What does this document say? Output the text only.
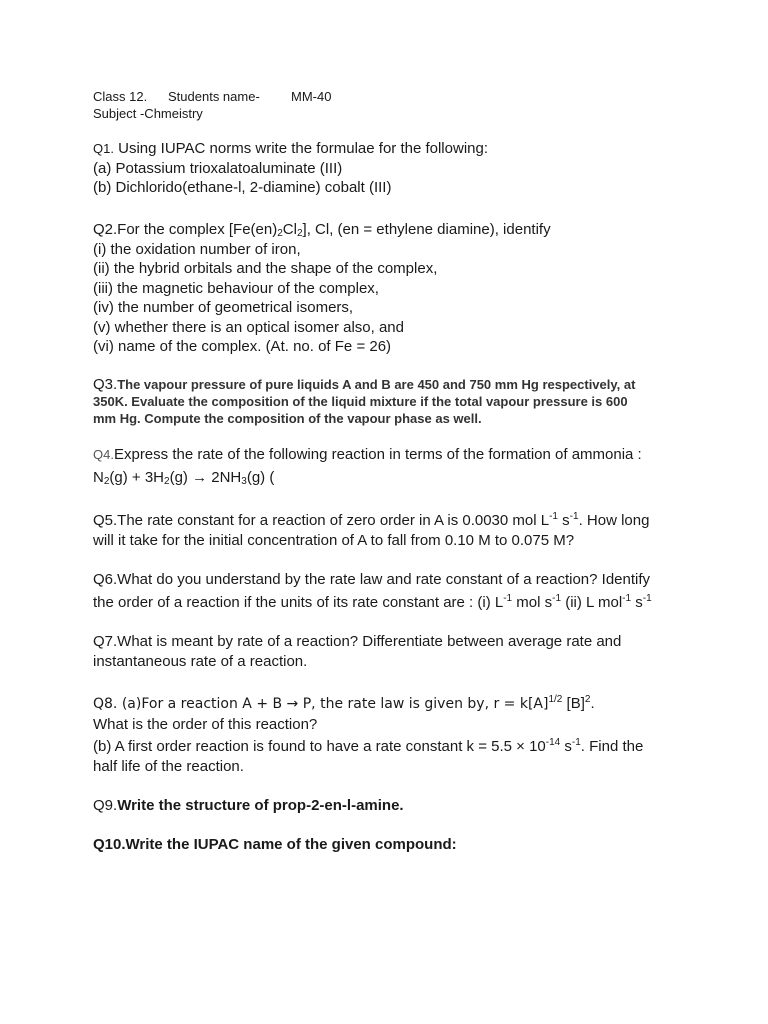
Class 12. Students name- MM-40
Subject -Chmeistry
Q1. Using IUPAC norms write the formulae for the following:
(a) Potassium trioxalatoaluminate (III)
(b) Dichlorido(ethane-l, 2-diamine) cobalt (III)
Q2.For the complex $[Fe(en)_2Cl_2]$, Cl, (en = ethylene diamine), identify
(i) the oxidation number of iron,
(ii) the hybrid orbitals and the shape of the complex,
(iii) the magnetic behaviour of the complex,
(iv) the number of geometrical isomers,
(v) whether there is an optical isomer also, and
(vi) name of the complex. (At. no. of Fe = 26)
Q3.The vapour pressure of pure liquids A and B are 450 and 750 mm Hg respectively, at
350K. Evaluate the composition of the liquid mixture if the total vapour pressure is 600
mm Hg. Compute the composition of the vapour phase as well.
Q4.Express the rate of the following reaction in terms of the formation of ammonia :
$N_2(g) + 3H_2(g) \to 2NH_3(g)$ (
Q5.The rate constant for a reaction of zero order in A is 0.0030 mol $L^{-1}$ $s^{-1}$. How long
will it take for the initial concentration of A to fall from 0.10 M to 0.075 M?
Q6.What do you understand by the rate law and rate constant of a reaction? Identify
the order of a reaction if the units of its rate constant are : (i) $L^{-1}$ mol $s^{-1}$ (ii) L mol$^{-1}$ $s^{-1}$
Q7.What is meant by rate of a reaction? Differentiate between average rate and
instantaneous rate of a reaction.
Q8. (a)For a reaction A + B → P, the rate law is given by, $r = k[A]^{1/2}$ $[B]^2$.
What is the order of this reaction?
(b) A first order reaction is found to have a rate constant $k = 5.5 \times 10^{-14}$ $s^{-1}$. Find the
half life of the reaction.
Q9.Write the structure of prop-2-en-l-amine.
Q10.Write the IUPAC name of the given compound:
